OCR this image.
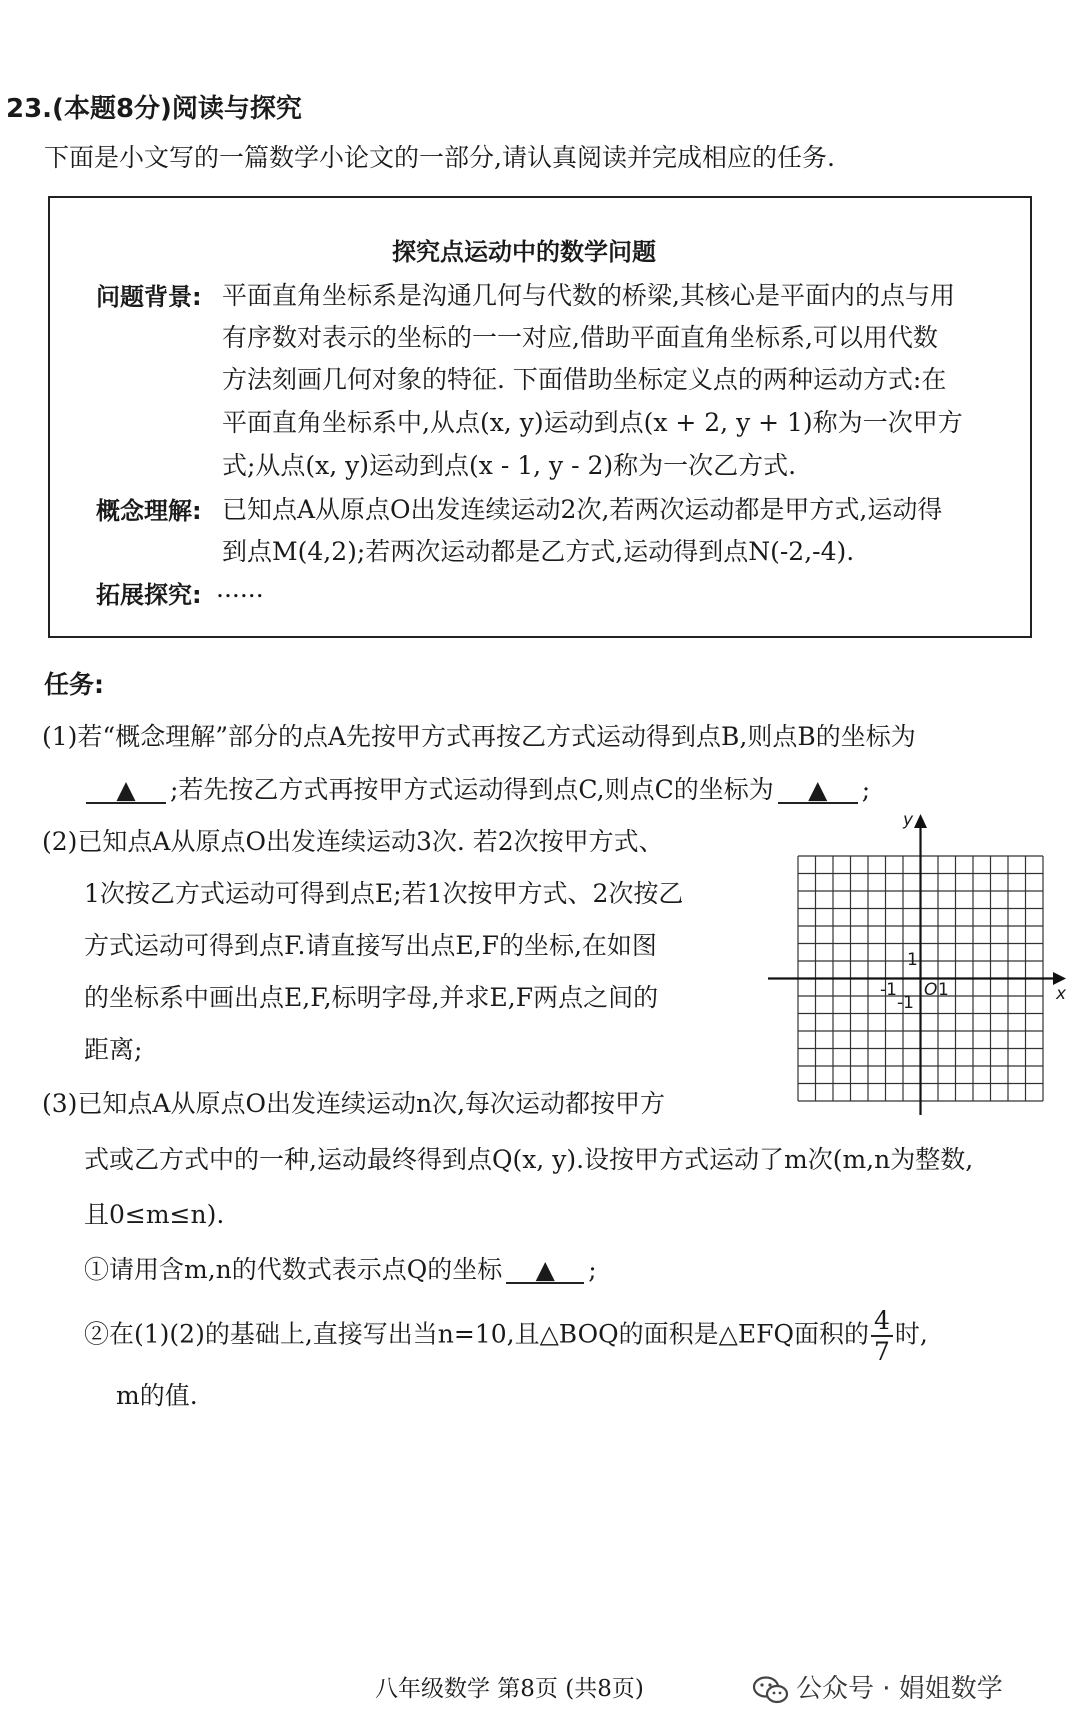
23.(本题8分)阅读与探究
下面是小文写的一篇数学小论文的一部分,请认真阅读并完成相应的任务.
探究点运动中的数学问题
问题背景: 平面直角坐标系是沟通几何与代数的桥梁,其核心是平面内的点与用
有序数对表示的坐标的一一对应,借助平面直角坐标系,可以用代数
方法刻画几何对象的特征. 下面借助坐标定义点的两种运动方式:在
平面直角坐标系中,从点(x, y)运动到点(x + 2, y + 1)称为一次甲方
式;从点(x, y)运动到点(x - 1, y - 2)称为一次乙方式.
概念理解: 已知点A从原点O出发连续运动2次,若两次运动都是甲方式,运动得
到点M(4,2);若两次运动都是乙方式,运动得到点N(-2,-4).
拓展探究: ......
任务:
(1)若“概念理解”部分的点A先按甲方式再按乙方式运动得到点B,则点B的坐标为
▲ ;若先按乙方式再按甲方式运动得到点C,则点C的坐标为 ▲ ;
(2)已知点A从原点O出发连续运动3次. 若2次按甲方式、
1次按乙方式运动可得到点E;若1次按甲方式、2次按乙
方式运动可得到点F.请直接写出点E,F的坐标,在如图
的坐标系中画出点E,F,标明字母,并求E,F两点之间的
距离;
(3)已知点A从原点O出发连续运动n次,每次运动都按甲方
式或乙方式中的一种,运动最终得到点Q(x, y).设按甲方式运动了m次(m,n为整数,
且0≤m≤n).
①请用含m,n的代数式表示点Q的坐标 ▲ ;
②在(1)(2)的基础上,直接写出当n=10,且△BOQ的面积是△EFQ面积的 $\frac{4}{7}$ 时,
m的值.
x
y
1
-1
-1
O 1
八年级数学 第8页 (共8页)	公众号 · 娟姐数学
